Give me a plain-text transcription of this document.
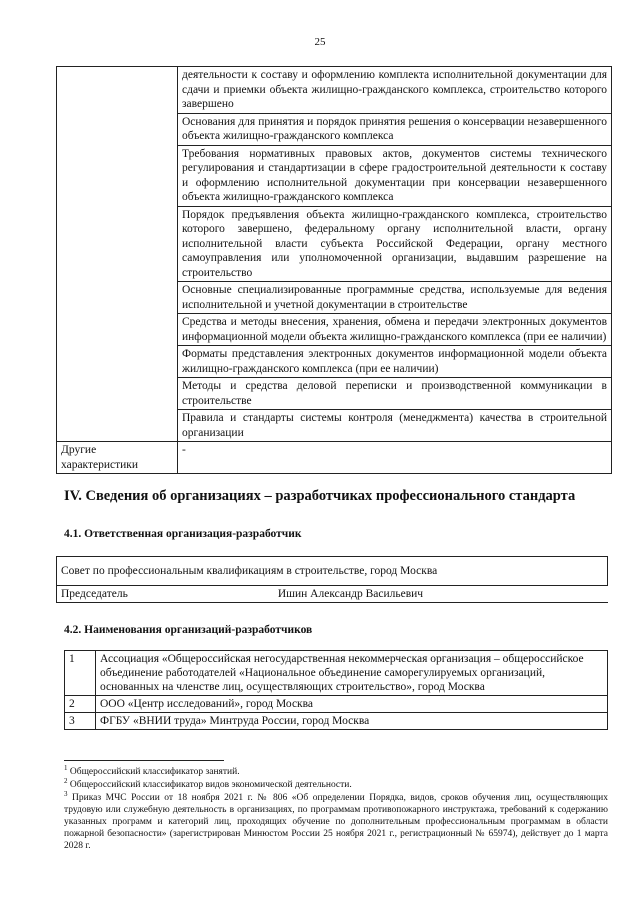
25
	деятельности к составу и оформлению комплекта исполнительной документации для сдачи и приемки объекта жилищно-гражданского комплекса, строительство которого завершено
	Основания для принятия и порядок принятия решения о консервации незавершенного объекта жилищно-гражданского комплекса
	Требования нормативных правовых актов, документов системы технического регулирования и стандартизации в сфере градостроительной деятельности к составу и оформлению исполнительной документации при консервации незавершенного объекта жилищно-гражданского комплекса
	Порядок предъявления объекта жилищно-гражданского комплекса, строительство которого завершено, федеральному органу исполнительной власти, органу исполнительной власти субъекта Российской Федерации, органу местного самоуправления или уполномоченной организации, выдавшим разрешение на строительство
	Основные специализированные программные средства, используемые для ведения исполнительной и учетной документации в строительстве
	Средства и методы внесения, хранения, обмена и передачи электронных документов информационной модели объекта жилищно-гражданского комплекса (при ее наличии)
	Форматы представления электронных документов информационной модели объекта жилищно-гражданского комплекса (при ее наличии)
	Методы и средства деловой переписки и производственной коммуникации в строительстве
	Правила и стандарты системы контроля (менеджмента) качества в строительной организации
Другие характеристики	-
IV. Сведения об организациях – разработчиках профессионального стандарта
4.1. Ответственная организация-разработчик
Совет по профессиональным квалификациям в строительстве, город Москва
Председатель	Ишин Александр Васильевич
4.2. Наименования организаций-разработчиков
1	Ассоциация «Общероссийская негосударственная некоммерческая организация – общероссийское объединение работодателей «Национальное объединение саморегулируемых организаций, основанных на членстве лиц, осуществляющих строительство», город Москва
2	ООО «Центр исследований», город Москва
3	ФГБУ «ВНИИ труда» Минтруда России, город Москва

$^1$ Общероссийский классификатор занятий.

$^2$ Общероссийский классификатор видов экономической деятельности.

$^3$ Приказ МЧС России от 18 ноября 2021 г. № 806 «Об определении Порядка, видов, сроков обучения лиц, осуществляющих трудовую или служебную деятельность в организациях, по программам противопожарного инструктажа, требований к содержанию указанных программ и категорий лиц, проходящих обучение по дополнительным профессиональным программам в области пожарной безопасности» (зарегистрирован Минюстом России 25 ноября 2021 г., регистрационный № 65974), действует до 1 марта 2028 г.
